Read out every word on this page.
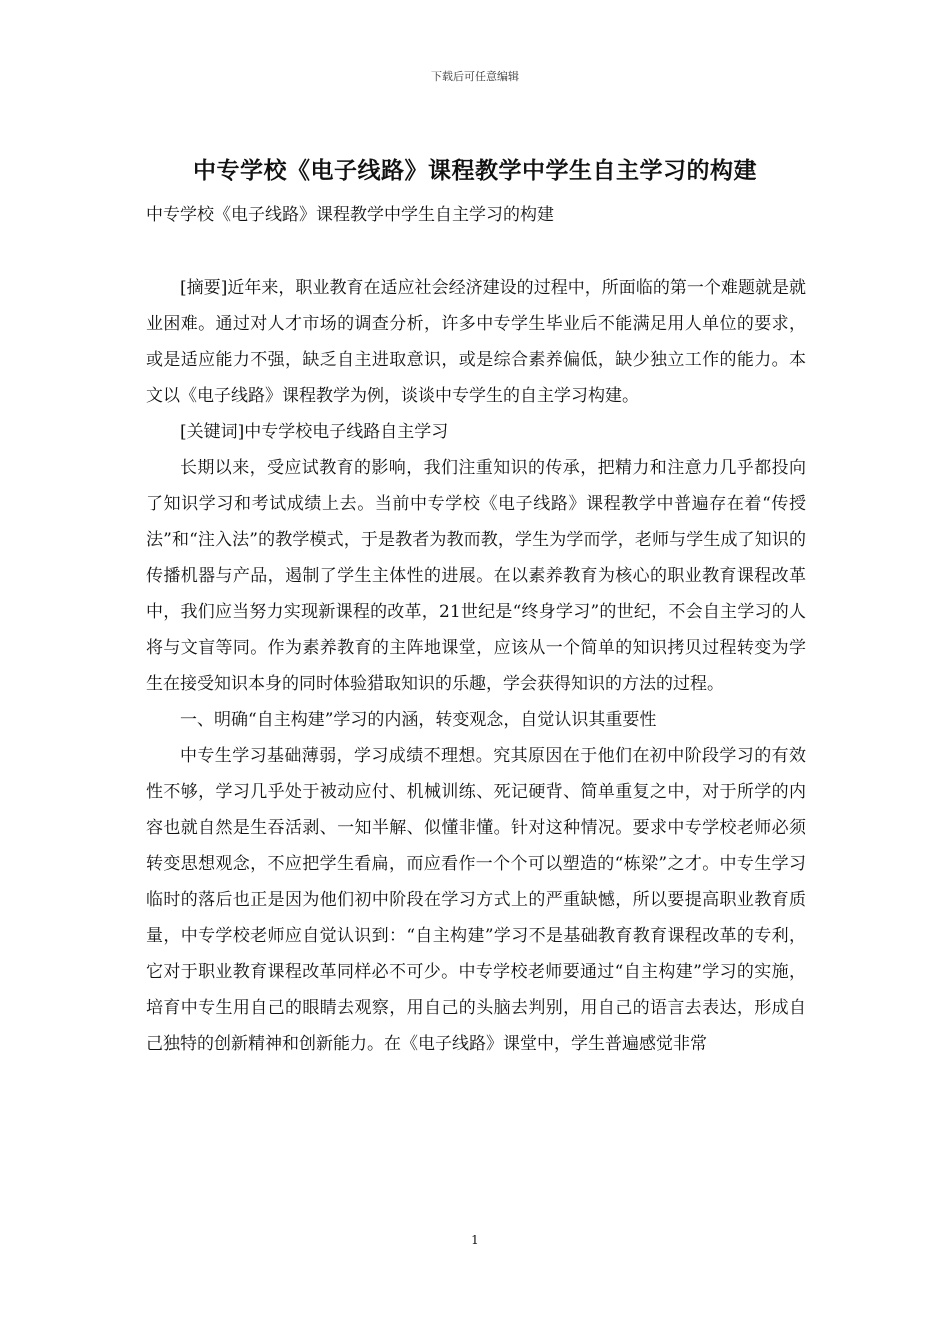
下载后可任意编辑
中专学校《电子线路》课程教学中学生自主学习的构建
中专学校《电子线路》课程教学中学生自主学习的构建

[摘要]近年来，职业教育在适应社会经济建设的过程中，所面临的第一个难题就是就业困难。通过对人才市场的调查分析，许多中专学生毕业后不能满足用人单位的要求，或是适应能力不强，缺乏自主进取意识，或是综合素养偏低，缺少独立工作的能力。本文以《电子线路》课程教学为例，谈谈中专学生的自主学习构建。

[关键词]中专学校电子线路自主学习

长期以来，受应试教育的影响，我们注重知识的传承，把精力和注意力几乎都投向了知识学习和考试成绩上去。当前中专学校《电子线路》课程教学中普遍存在着“传授法”和“注入法”的教学模式，于是教者为教而教，学生为学而学，老师与学生成了知识的传播机器与产品，遏制了学生主体性的进展。在以素养教育为核心的职业教育课程改革中，我们应当努力实现新课程的改革，21世纪是“终身学习”的世纪，不会自主学习的人将与文盲等同。作为素养教育的主阵地课堂，应该从一个简单的知识拷贝过程转变为学生在接受知识本身的同时体验猎取知识的乐趣，学会获得知识的方法的过程。

一、明确“自主构建”学习的内涵，转变观念，自觉认识其重要性

中专生学习基础薄弱，学习成绩不理想。究其原因在于他们在初中阶段学习的有效性不够，学习几乎处于被动应付、机械训练、死记硬背、简单重复之中，对于所学的内容也就自然是生吞活剥、一知半解、似懂非懂。针对这种情况。要求中专学校老师必须转变思想观念，不应把学生看扁，而应看作一个个可以塑造的“栋梁”之才。中专生学习临时的落后也正是因为他们初中阶段在学习方式上的严重缺憾，所以要提高职业教育质量，中专学校老师应自觉认识到：“自主构建”学习不是基础教育教育课程改革的专利，它对于职业教育课程改革同样必不可少。中专学校老师要通过“自主构建”学习的实施，培育中专生用自己的眼睛去观察，用自己的头脑去判别，用自己的语言去表达，形成自己独特的创新精神和创新能力。在《电子线路》课堂中，学生普遍感觉非常

1
